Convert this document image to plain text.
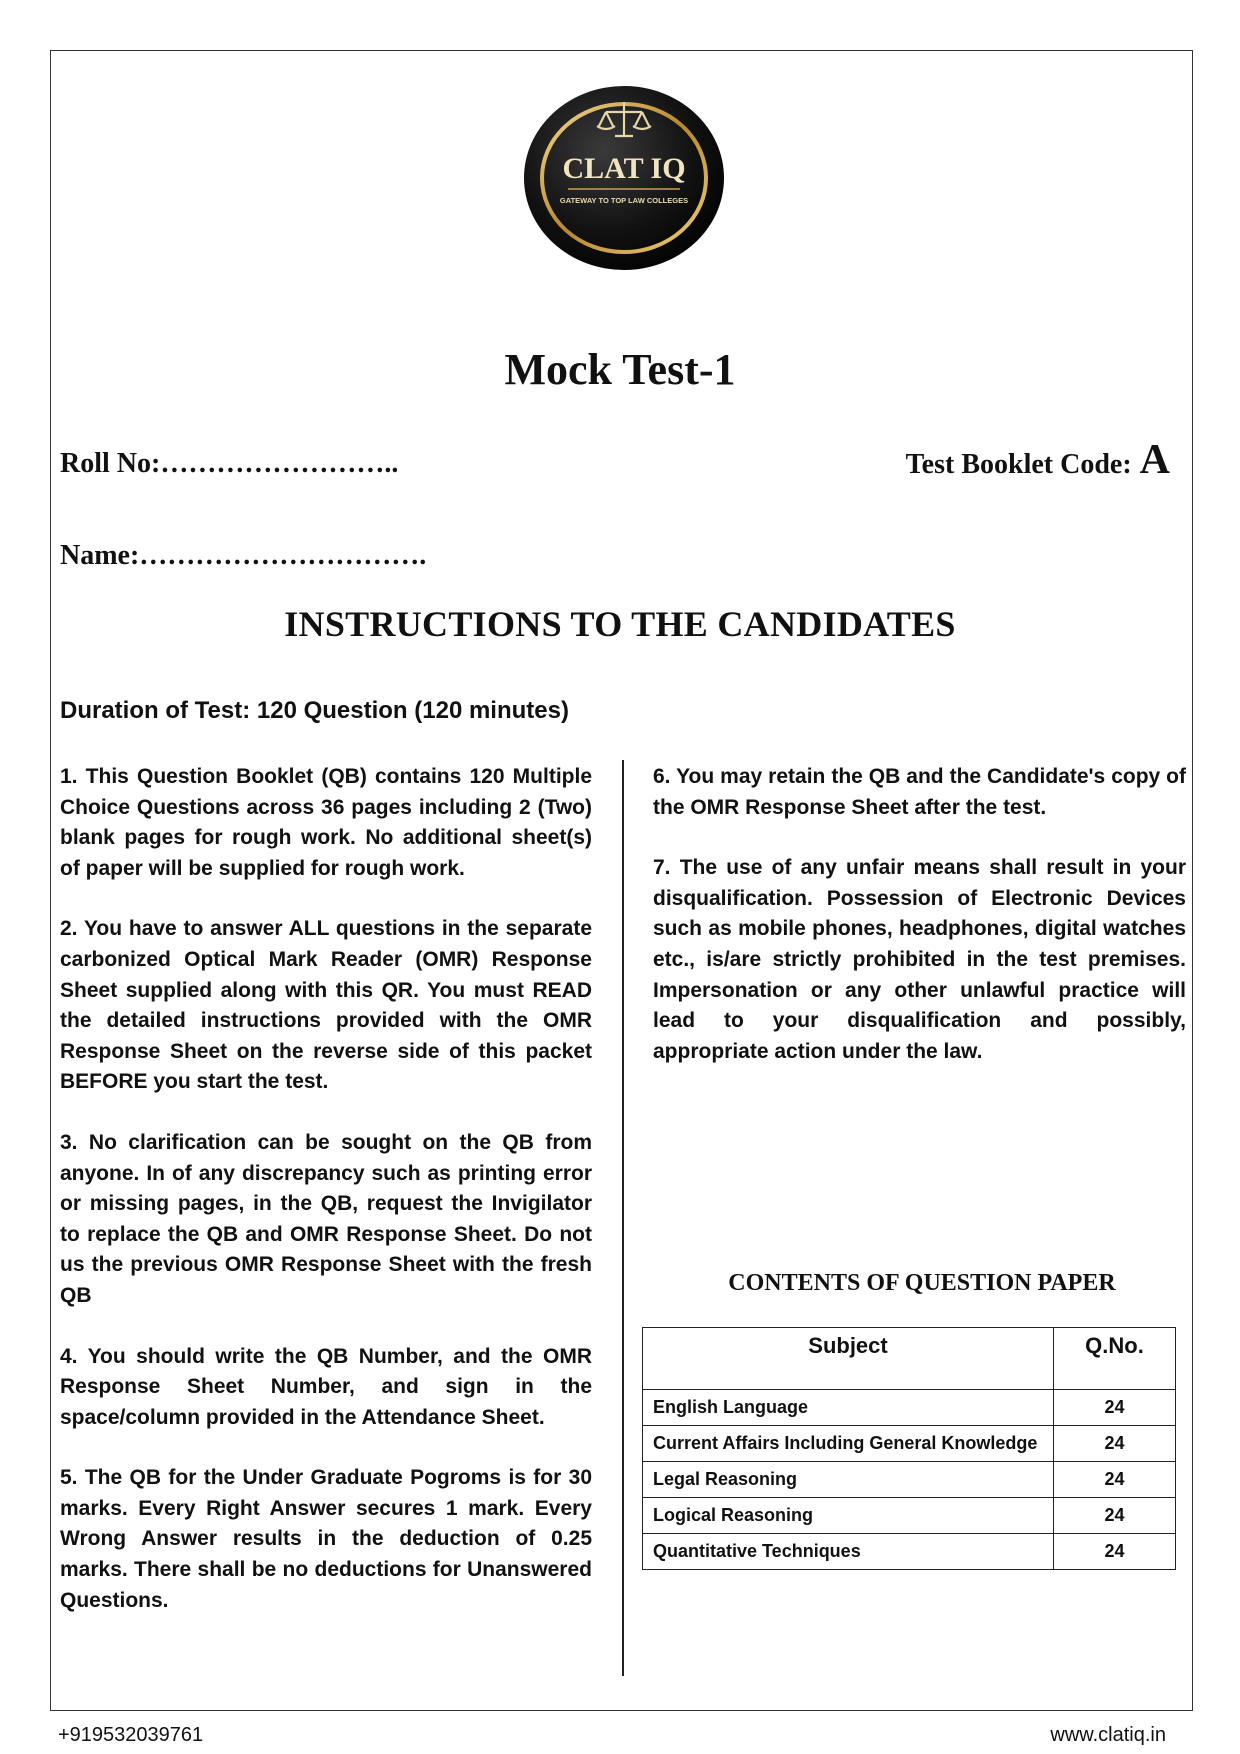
CLAT IQ
GATEWAY TO TOP LAW COLLEGES
Mock Test-1
Roll No:……………………..	Test Booklet Code: A
Name:………………………….
INSTRUCTIONS TO THE CANDIDATES
Duration of Test: 120 Question (120 minutes)

1. This Question Booklet (QB) contains 120 Multiple Choice Questions across 36 pages including 2 (Two) blank pages for rough work. No additional sheet(s) of paper will be supplied for rough work.

2. You have to answer ALL questions in the separate carbonized Optical Mark Reader (OMR) Response Sheet supplied along with this QR. You must READ the detailed instructions provided with the OMR Response Sheet on the reverse side of this packet BEFORE you start the test.

3. No clarification can be sought on the QB from anyone. In of any discrepancy such as printing error or missing pages, in the QB, request the Invigilator to replace the QB and OMR Response Sheet. Do not us the previous OMR Response Sheet with the fresh QB

4. You should write the QB Number, and the OMR Response Sheet Number, and sign in the space/column provided in the Attendance Sheet.

5. The QB for the Under Graduate Pogroms is for 30 marks. Every Right Answer secures 1 mark. Every Wrong Answer results in the deduction of 0.25 marks. There shall be no deductions for Unanswered Questions.

6. You may retain the QB and the Candidate's copy of the OMR Response Sheet after the test.

7. The use of any unfair means shall result in your disqualification. Possession of Electronic Devices such as mobile phones, headphones, digital watches etc., is/are strictly prohibited in the test premises. Impersonation or any other unlawful practice will lead to your disqualification and possibly, appropriate action under the law.

CONTENTS OF QUESTION PAPER
Subject	Q.No.
English Language	24
Current Affairs Including General Knowledge	24
Legal Reasoning	24
Logical Reasoning	24
Quantitative Techniques	24
+919532039761	www.clatiq.in
